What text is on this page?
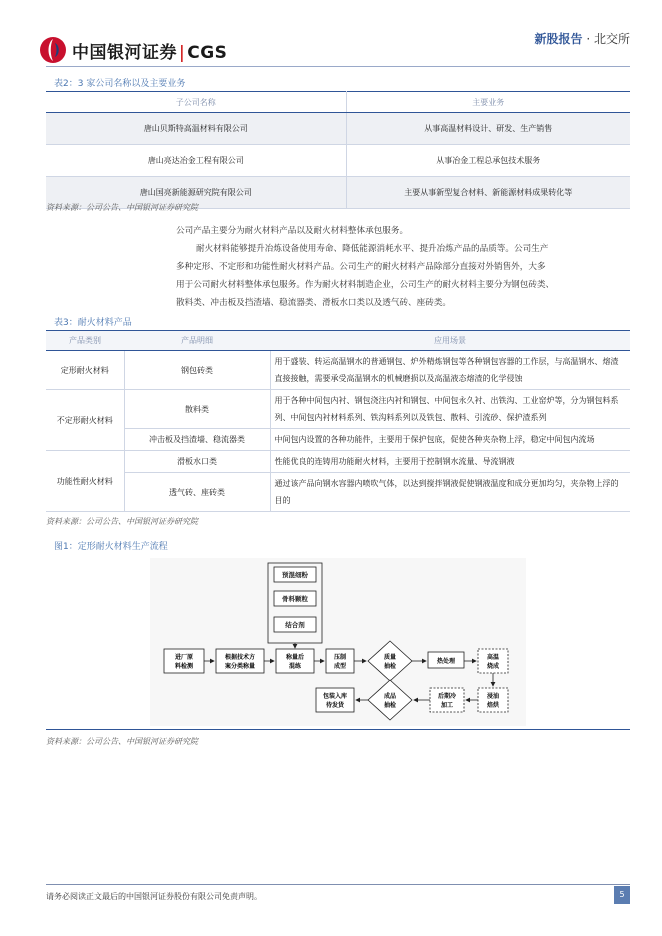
中国银河证券 | CGS
新股报告 · 北交所
表2：3 家公司名称以及主要业务
子公司名称	主要业务
唐山贝斯特高温材料有限公司	从事高温材料设计、研发、生产销售
唐山亮达冶金工程有限公司	从事冶金工程总承包技术服务
唐山国亮新能源研究院有限公司	主要从事新型复合材料、新能源材料成果转化等
资料来源：公司公告、中国银河证券研究院

公司产品主要分为耐火材料产品以及耐火材料整体承包服务。

耐火材料能够提升冶炼设备使用寿命、降低能源消耗水平、提升冶炼产品的品质等。公司生产

多种定形、不定形和功能性耐火材料产品。公司生产的耐火材料产品除部分直接对外销售外，大多

用于公司耐火材料整体承包服务。作为耐火材料制造企业，公司生产的耐火材料主要分为钢包砖类、

散料类、冲击板及挡渣墙、稳流器类、滑板水口类以及透气砖、座砖类。

表3：耐火材料产品
产品类别	产品明细	应用场景
定形耐火材料	钢包砖类	用于盛装、转运高温钢水的普通钢包、炉外精炼钢包等各种钢包容器的工作层，与高温钢水、熔渣直接接触，需要承受高温钢水的机械磨损以及高温液态熔渣的化学侵蚀
不定形耐火材料	散料类	用于各种中间包内衬、钢包浇注内衬和钢包、中间包永久衬、出铁沟、工业窑炉等，分为钢包料系列、中间包内衬材料系列、铁沟料系列以及铁包、散料、引流砂、保护渣系列
	冲击板及挡渣墙、稳流器类	中间包内设置的各种功能件，主要用于保护包底，促使各种夹杂物上浮，稳定中间包内流场
功能性耐火材料	滑板水口类	性能优良的连铸用功能耐火材料，主要用于控制钢水流量、导流钢液
	透气砖、座砖类	通过该产品向钢水容器内喷吹气体，以达到搅拌钢液促使钢液温度和成分更加均匀，夹杂物上浮的目的
资料来源：公司公告、中国银河证券研究院
图1：定形耐火材料生产流程
预混细粉
骨料颗粒
结合剂
进厂原
料检测
根据技术方
案分类称量
称量后
混练
压制
成型
质量
抽检
热处理
高温
烧成
浸油
焙烘
后期冷
加工
成品
抽检
包装入库
待发货
资料来源：公司公告、中国银河证券研究院
请务必阅读正文最后的中国银河证券股份有限公司免责声明。	5
